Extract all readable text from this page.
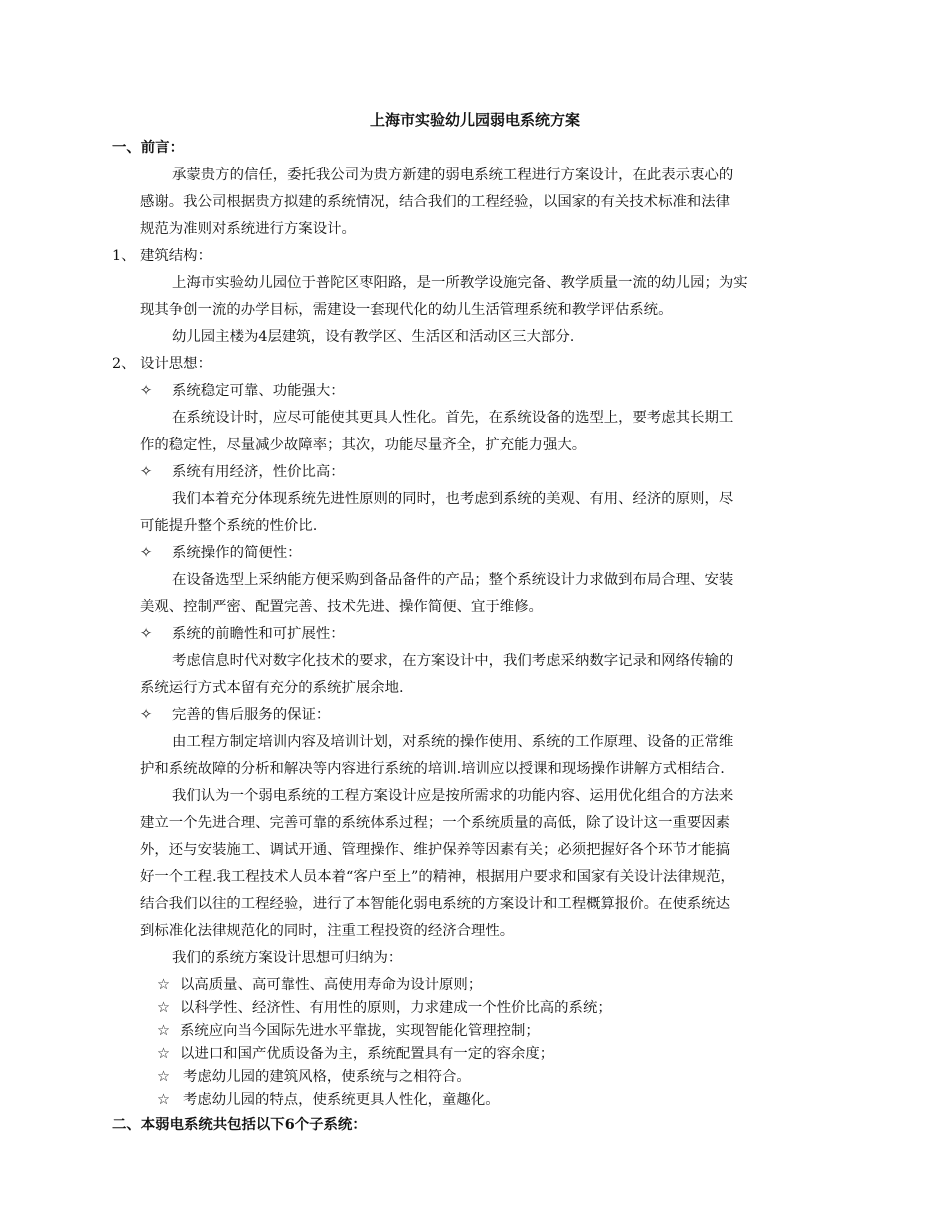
上海市实验幼儿园弱电系统方案
一、前言：
承蒙贵方的信任，委托我公司为贵方新建的弱电系统工程进行方案设计，在此表示衷心的
感谢。我公司根据贵方拟建的系统情况，结合我们的工程经验，以国家的有关技术标准和法律
规范为准则对系统进行方案设计。
1、 建筑结构：
上海市实验幼儿园位于普陀区枣阳路，是一所教学设施完备、教学质量一流的幼儿园；为实
现其争创一流的办学目标，需建设一套现代化的幼儿生活管理系统和教学评估系统。
幼儿园主楼为4层建筑，设有教学区、生活区和活动区三大部分.
2、 设计思想：
✧ 系统稳定可靠、功能强大：
在系统设计时，应尽可能使其更具人性化。首先，在系统设备的选型上，要考虑其长期工
作的稳定性，尽量减少故障率；其次，功能尽量齐全，扩充能力强大。
✧ 系统有用经济，性价比高：
我们本着充分体现系统先进性原则的同时，也考虑到系统的美观、有用、经济的原则，尽
可能提升整个系统的性价比.
✧ 系统操作的简便性：
在设备选型上采纳能方便采购到备品备件的产品；整个系统设计力求做到布局合理、安装
美观、控制严密、配置完善、技术先进、操作简便、宜于维修。
✧ 系统的前瞻性和可扩展性：
考虑信息时代对数字化技术的要求，在方案设计中，我们考虑采纳数字记录和网络传输的
系统运行方式本留有充分的系统扩展余地.
✧ 完善的售后服务的保证：
由工程方制定培训内容及培训计划，对系统的操作使用、系统的工作原理、设备的正常维
护和系统故障的分析和解决等内容进行系统的培训.培训应以授课和现场操作讲解方式相结合.
我们认为一个弱电系统的工程方案设计应是按所需求的功能内容、运用优化组合的方法来
建立一个先进合理、完善可靠的系统体系过程；一个系统质量的高低，除了设计这一重要因素
外，还与安装施工、调试开通、管理操作、维护保养等因素有关；必须把握好各个环节才能搞
好一个工程.我工程技术人员本着“客户至上”的精神，根据用户要求和国家有关设计法律规范，
结合我们以往的工程经验，进行了本智能化弱电系统的方案设计和工程概算报价。在使系统达
到标准化法律规范化的同时，注重工程投资的经济合理性。
我们的系统方案设计思想可归纳为：
☆ 以高质量、高可靠性、高使用寿命为设计原则；
☆ 以科学性、经济性、有用性的原则，力求建成一个性价比高的系统；
☆ 系统应向当今国际先进水平靠拢，实现智能化管理控制；
☆ 以进口和国产优质设备为主，系统配置具有一定的容余度；
☆ 考虑幼儿园的建筑风格，使系统与之相符合。
☆ 考虑幼儿园的特点，使系统更具人性化，童趣化。
二、本弱电系统共包括以下6个子系统：
